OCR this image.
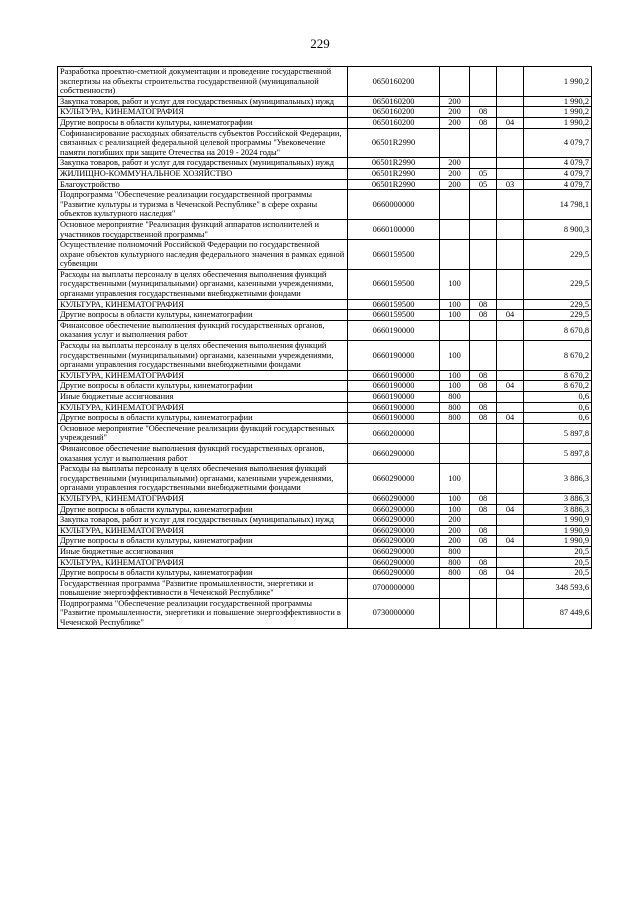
229
Разработка проектно-сметной документации и проведение государственной экспертизы на объекты строительства государственной (муниципальной собственности)	0650160200				1 990,2
Закупка товаров, работ и услуг для государственных (муниципальных) нужд	0650160200	200			1 990,2
КУЛЬТУРА, КИНЕМАТОГРАФИЯ	0650160200	200	08		1 990,2
Другие вопросы в области культуры, кинематографии	0650160200	200	08	04	1 990,2
Софинансирование расходных обязательств субъектов Российской Федерации, связанных с реализацией федеральной целевой программы "Увековечение памяти погибших при защите Отечества на 2019 - 2024 годы"	06501R2990				4 079,7
Закупка товаров, работ и услуг для государственных (муниципальных) нужд	06501R2990	200			4 079,7
ЖИЛИЩНО-КОММУНАЛЬНОЕ ХОЗЯЙСТВО	06501R2990	200	05		4 079,7
Благоустройство	06501R2990	200	05	03	4 079,7
Подпрограмма "Обеспечение реализации государственной программы "Развитие культуры и туризма в Чеченской Республике" в сфере охраны объектов культурного наследия"	0660000000				14 798,1
Основное мероприятие "Реализация функций аппаратов исполнителей и участников государственной программы"	0660100000				8 900,3
Осуществление полномочий Российской Федерации по государственной охране объектов культурного наследия федерального значения в рамках единой субвенции	0660159500				229,5
Расходы на выплаты персоналу в целях обеспечения выполнения функций государственными (муниципальными) органами, казенными учреждениями, органами управления государственными внебюджетными фондами	0660159500	100			229,5
КУЛЬТУРА, КИНЕМАТОГРАФИЯ	0660159500	100	08		229,5
Другие вопросы в области культуры, кинематографии	0660159500	100	08	04	229,5
Финансовое обеспечение выполнения функций государственных органов, оказания услуг и выполнения работ	0660190000				8 670,8
Расходы на выплаты персоналу в целях обеспечения выполнения функций государственными (муниципальными) органами, казенными учреждениями, органами управления государственными внебюджетными фондами	0660190000	100			8 670,2
КУЛЬТУРА, КИНЕМАТОГРАФИЯ	0660190000	100	08		8 670,2
Другие вопросы в области культуры, кинематографии	0660190000	100	08	04	8 670,2
Иные бюджетные ассигнования	0660190000	800			0,6
КУЛЬТУРА, КИНЕМАТОГРАФИЯ	0660190000	800	08		0,6
Другие вопросы в области культуры, кинематографии	0660190000	800	08	04	0,6
Основное мероприятие "Обеспечение реализации функций государственных учреждений"	0660200000				5 897,8
Финансовое обеспечение выполнения функций государственных органов, оказания услуг и выполнения работ	0660290000				5 897,8
Расходы на выплаты персоналу в целях обеспечения выполнения функций государственными (муниципальными) органами, казенными учреждениями, органами управления государственными внебюджетными фондами	0660290000	100			3 886,3
КУЛЬТУРА, КИНЕМАТОГРАФИЯ	0660290000	100	08		3 886,3
Другие вопросы в области культуры, кинематографии	0660290000	100	08	04	3 886,3
Закупка товаров, работ и услуг для государственных (муниципальных) нужд	0660290000	200			1 990,9
КУЛЬТУРА, КИНЕМАТОГРАФИЯ	0660290000	200	08		1 990,9
Другие вопросы в области культуры, кинематографии	0660290000	200	08	04	1 990,9
Иные бюджетные ассигнования	0660290000	800			20,5
КУЛЬТУРА, КИНЕМАТОГРАФИЯ	0660290000	800	08		20,5
Другие вопросы в области культуры, кинематографии	0660290000	800	08	04	20,5
Государственная программа "Развитие промышленности, энергетики и повышение энергоэффективности в Чеченской Республике"	0700000000				348 593,6
Подпрограмма "Обеспечение реализации государственной программы "Развитие промышленности, энергетики и повышение энергоэффективности в Чеченской Республике"	0730000000				87 449,6
